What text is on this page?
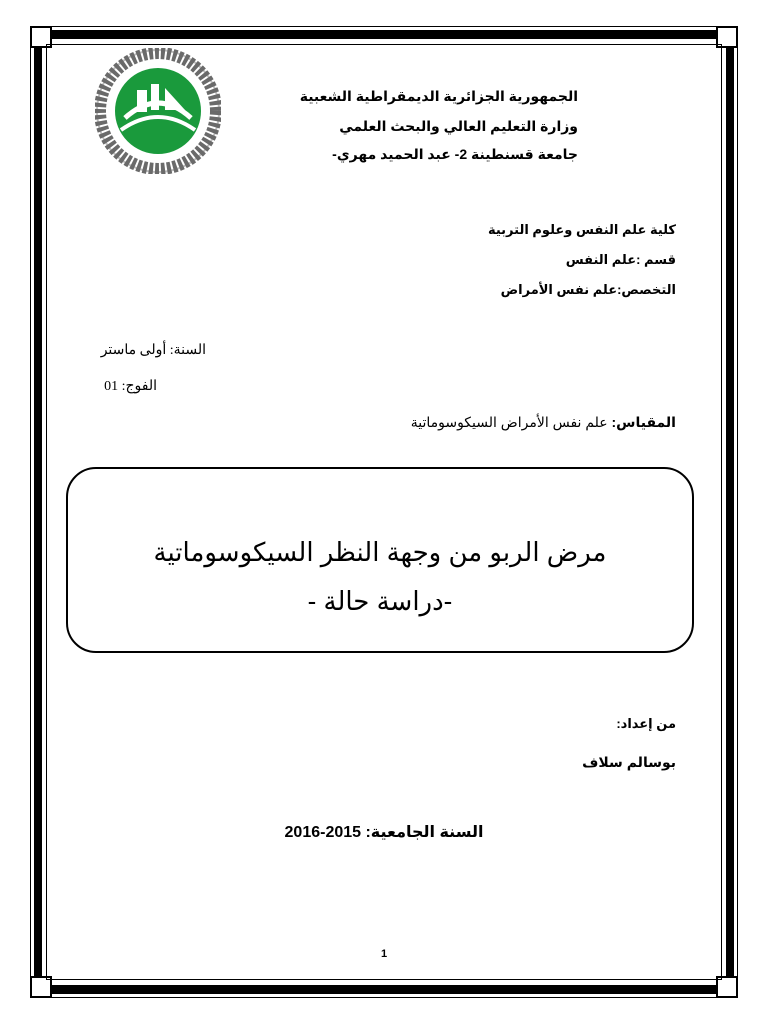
الجمهورية الجزائرية الديمقراطية الشعبية
وزارة التعليم العالي والبحث العلمي
جامعة قسنطينة 2- عبد الحميد مهري-
كلية علم النفس وعلوم التربية
قسم :علم النفس
التخصص:علم نفس الأمراض
السنة: أولى ماستر
الفوج: 01
المقياس: علم نفس الأمراض السيكوسوماتية
مرض الربو من وجهة النظر السيكوسوماتية
-دراسة حالة -
من إعداد:
بوسالم سلاف
السنة الجامعية: 2015-2016
1
